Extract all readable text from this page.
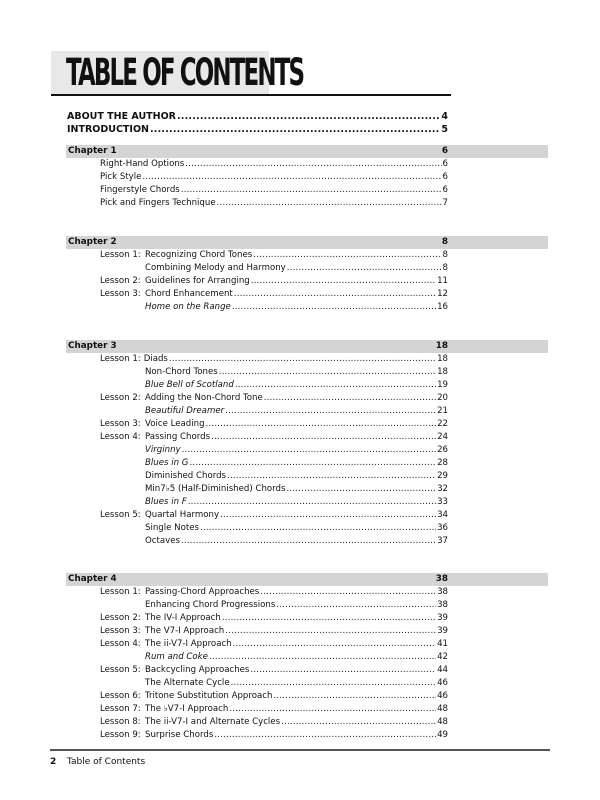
TABLE OF CONTENTS
ABOUT THE AUTHOR .....	4
INTRODUCTION .....	5
Chapter 1	6
Right-Hand Options .....	6
Pick Style .....	6
Fingerstyle Chords .....	6
Pick and Fingers Technique .....	7
Chapter 2	8
Lesson 1: Recognizing Chord Tones .....	8
Combining Melody and Harmony .....	8
Lesson 2: Guidelines for Arranging .....	11
Lesson 3: Chord Enhancement .....	12
Home on the Range .....	16
Chapter 3	18
Lesson 1: Diads .....	18
Non-Chord Tones .....	18
Blue Bell of Scotland .....	19
Lesson 2: Adding the Non-Chord Tone .....	20
Beautiful Dreamer .....	21
Lesson 3: Voice Leading .....	22
Lesson 4: Passing Chords .....	24
Virginny .....	26
Blues in G .....	28
Diminished Chords .....	29
Min7♭5 (Half-Diminished) Chords .....	32
Blues in F .....	33
Lesson 5: Quartal Harmony .....	34
Single Notes .....	36
Octaves .....	37
Chapter 4	38
Lesson 1: Passing-Chord Approaches .....	38
Enhancing Chord Progressions .....	38
Lesson 2: The IV-I Approach .....	39
Lesson 3: The V7-I Approach .....	39
Lesson 4: The ii-V7-I Approach .....	41
Rum and Coke .....	42
Lesson 5: Backcycling Approaches .....	44
The Alternate Cycle .....	46
Lesson 6: Tritone Substitution Approach .....	46
Lesson 7: The ♭V7-I Approach .....	48
Lesson 8: The ii-V7-I and Alternate Cycles .....	48
Lesson 9: Surprise Chords .....	49
2 Table of Contents
